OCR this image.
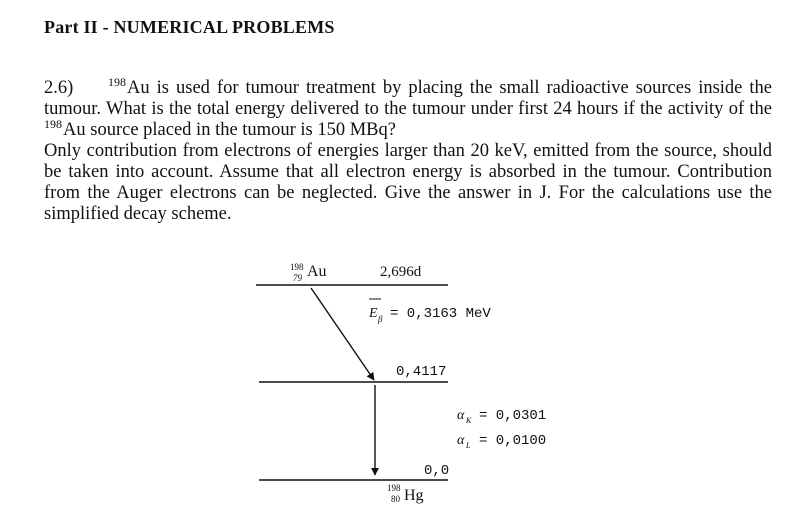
Part II - NUMERICAL PROBLEMS

2.6)	$^{198}$Au is used for tumour treatment by placing the small radioactive sources inside the tumour. What is the total energy delivered to the tumour under first 24 hours if the activity of the $^{198}$Au source placed in the tumour is 150 MBq?

Only contribution from electrons of energies larger than 20 keV, emitted from the source, should be taken into account. Assume that all electron energy is absorbed in the tumour. Contribution from the Auger electrons can be neglected. Give the answer in J. For the calculations use the simplified decay scheme.

198
79 Au	2,696d
E β = 0,3163 MeV
0,4117
α K = 0,0301
α L = 0,0100
0,0
198
80 Hg
